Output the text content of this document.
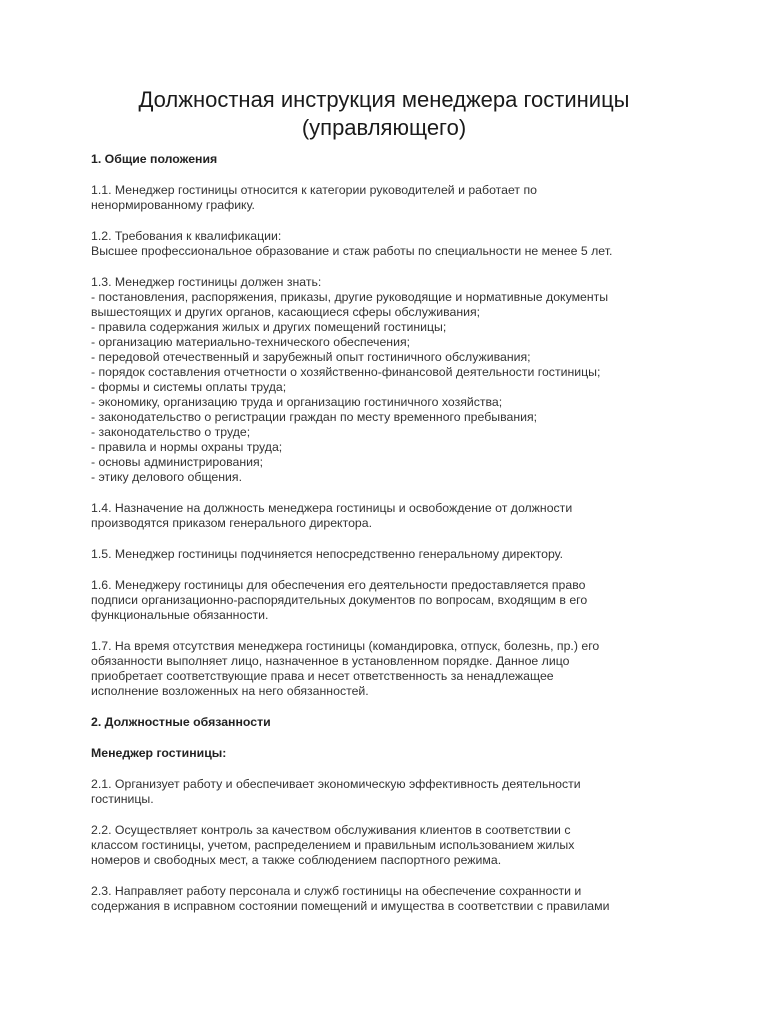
Должностная инструкция менеджера гостиницы
(управляющего)
1. Общие положения
1.1. Менеджер гостиницы относится к категории руководителей и работает по
ненормированному графику.
1.2. Требования к квалификации:
Высшее профессиональное образование и стаж работы по специальности не менее 5 лет.
1.3. Менеджер гостиницы должен знать:
- постановления, распоряжения, приказы, другие руководящие и нормативные документы
вышестоящих и других органов, касающиеся сферы обслуживания;
- правила содержания жилых и других помещений гостиницы;
- организацию материально-технического обеспечения;
- передовой отечественный и зарубежный опыт гостиничного обслуживания;
- порядок составления отчетности о хозяйственно-финансовой деятельности гостиницы;
- формы и системы оплаты труда;
- экономику, организацию труда и организацию гостиничного хозяйства;
- законодательство о регистрации граждан по месту временного пребывания;
- законодательство о труде;
- правила и нормы охраны труда;
- основы администрирования;
- этику делового общения.
1.4. Назначение на должность менеджера гостиницы и освобождение от должности
производятся приказом генерального директора.
1.5. Менеджер гостиницы подчиняется непосредственно генеральному директору.
1.6. Менеджеру гостиницы для обеспечения его деятельности предоставляется право
подписи организационно-распорядительных документов по вопросам, входящим в его
функциональные обязанности.
1.7. На время отсутствия менеджера гостиницы (командировка, отпуск, болезнь, пр.) его
обязанности выполняет лицо, назначенное в установленном порядке. Данное лицо
приобретает соответствующие права и несет ответственность за ненадлежащее
исполнение возложенных на него обязанностей.
2. Должностные обязанности
Менеджер гостиницы:
2.1. Организует работу и обеспечивает экономическую эффективность деятельности
гостиницы.
2.2. Осуществляет контроль за качеством обслуживания клиентов в соответствии с
классом гостиницы, учетом, распределением и правильным использованием жилых
номеров и свободных мест, а также соблюдением паспортного режима.
2.3. Направляет работу персонала и служб гостиницы на обеспечение сохранности и
содержания в исправном состоянии помещений и имущества в соответствии с правилами
